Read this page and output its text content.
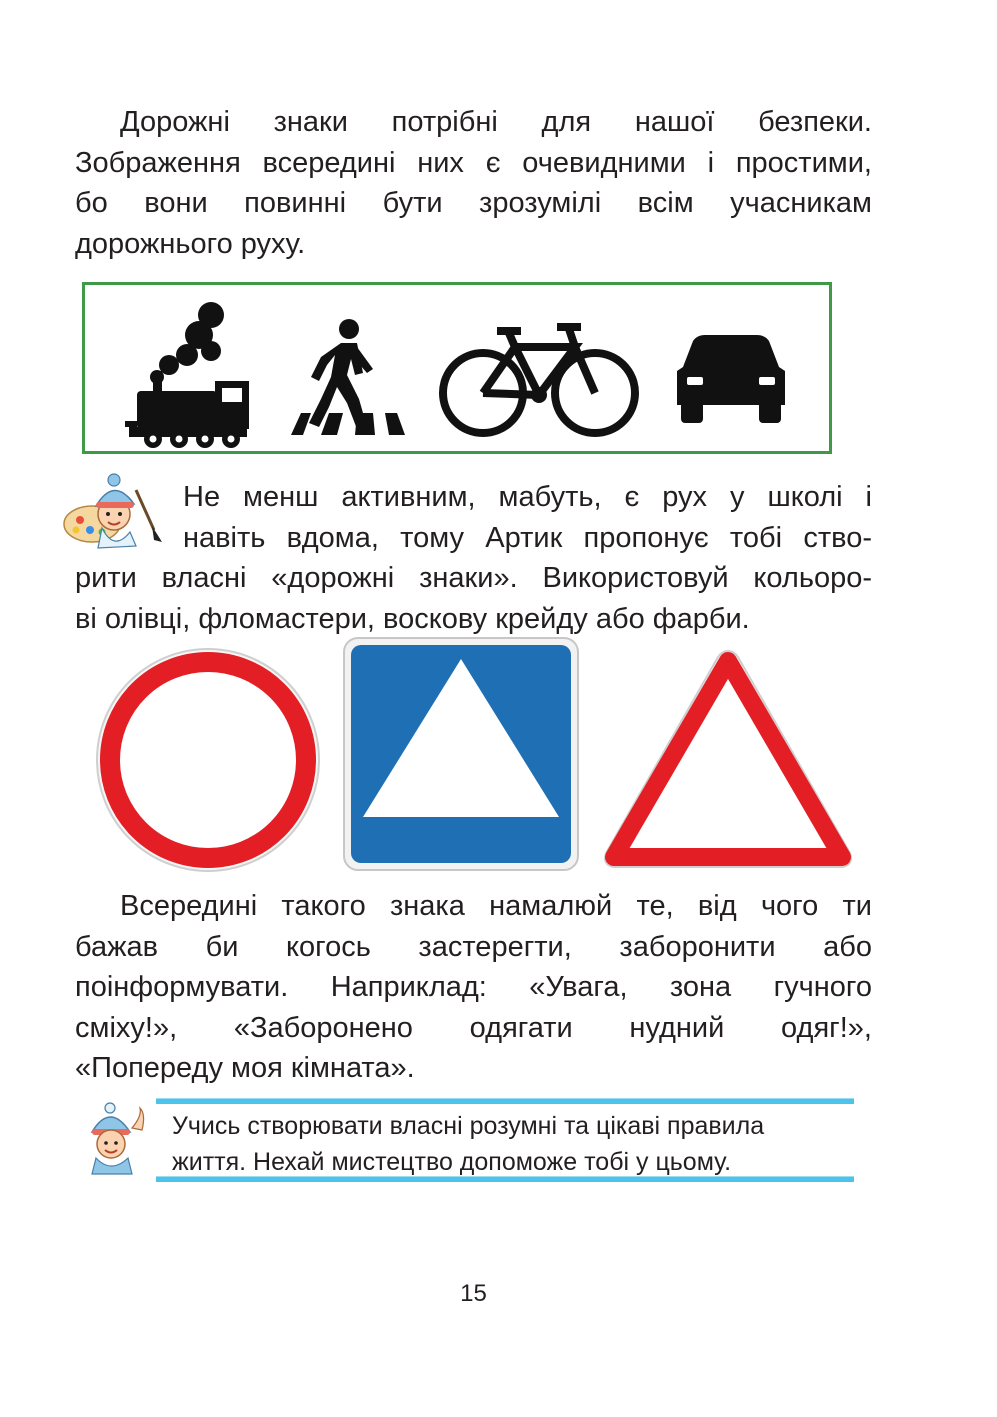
Дорожні знаки потрібні для нашої безпеки.
Зображення всередині них є очевидними і простими,
бо вони повинні бути зрозумілі всім учасникам
дорожнього руху.

Не менш активним, мабуть, є рух у школі і
навіть вдома, тому Артик пропонує тобі ство-
рити власні «дорожні знаки». Використовуй кольоро-
ві олівці, фломастери, воскову крейду або фарби.

Всередині такого знака намалюй те, від чого ти
бажав би когось застерегти, заборонити або
поінформувати. Наприклад: «Увага, зона гучного
сміху!», «Заборонено одягати нудний одяг!»,
«Попереду моя кімната».

Учись створювати власні розумні та цікаві правила
життя. Нехай мистецтво допоможе тобі у цьому.

15
